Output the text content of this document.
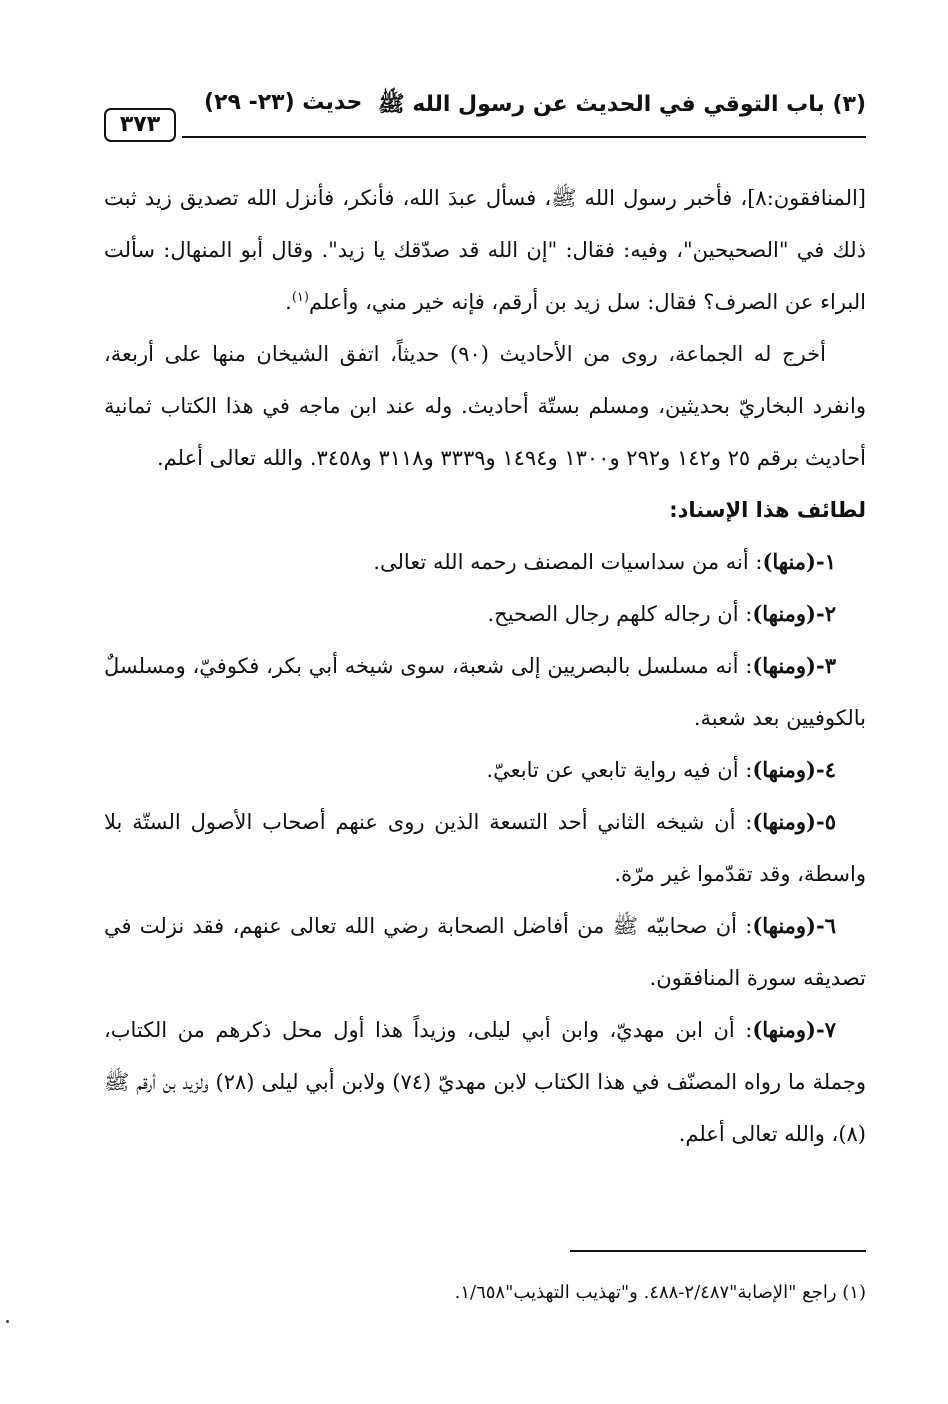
٣٧٣
حديث (٢٣- ٢٩) (٣) باب التوقي في الحديث عن رسول الله ﷺ

[المنافقون:٨]، فأخبر رسول الله ﷺ، فسأل عبدَ الله، فأنكر، فأنزل الله تصديق زيد ثبت ذلك في "الصحيحين"، وفيه: فقال: "إن الله قد صدّقك يا زيد". وقال أبو المنهال: سألت البراء عن الصرف؟ فقال: سل زيد بن أرقم، فإنه خير مني، وأعلم$^{(١)}$.

أخرج له الجماعة، روى من الأحاديث (٩٠) حديثاً، اتفق الشيخان منها على أربعة، وانفرد البخاريّ بحديثين، ومسلم بستّة أحاديث. وله عند ابن ماجه في هذا الكتاب ثمانية أحاديث برقم ٢٥ و١٤٢ و٢٩٢ و١٣٠٠ و١٤٩٤ و٣٣٣٩ و٣١١٨ و٣٤٥٨. والله تعالى أعلم.

لطائف هذا الإسناد:

١-(منها): أنه من سداسيات المصنف رحمه الله تعالى.

٢-(ومنها): أن رجاله كلهم رجال الصحيح.

٣-(ومنها): أنه مسلسل بالبصريين إلى شعبة، سوى شيخه أبي بكر، فكوفيّ، ومسلسلٌ بالكوفيين بعد شعبة.

٤-(ومنها): أن فيه رواية تابعي عن تابعيّ.

٥-(ومنها): أن شيخه الثاني أحد التسعة الذين روى عنهم أصحاب الأصول الستّة بلا واسطة، وقد تقدّموا غير مرّة.

٦-(ومنها): أن صحابيّه ﷺ من أفاضل الصحابة رضي الله تعالى عنهم، فقد نزلت في تصديقه سورة المنافقون.

٧-(ومنها): أن ابن مهديّ، وابن أبي ليلى، وزيداً هذا أول محل ذكرهم من الكتاب، وجملة ما رواه المصنّف في هذا الكتاب لابن مهديّ (٧٤) ولابن أبي ليلى (٢٨) ولزيد بن أرقم ﷺ (٨)، والله تعالى أعلم.

(١) راجع "الإصابة"٢/٤٨٧-٤٨٨. و"تهذيب التهذيب"١/٦٥٨.
